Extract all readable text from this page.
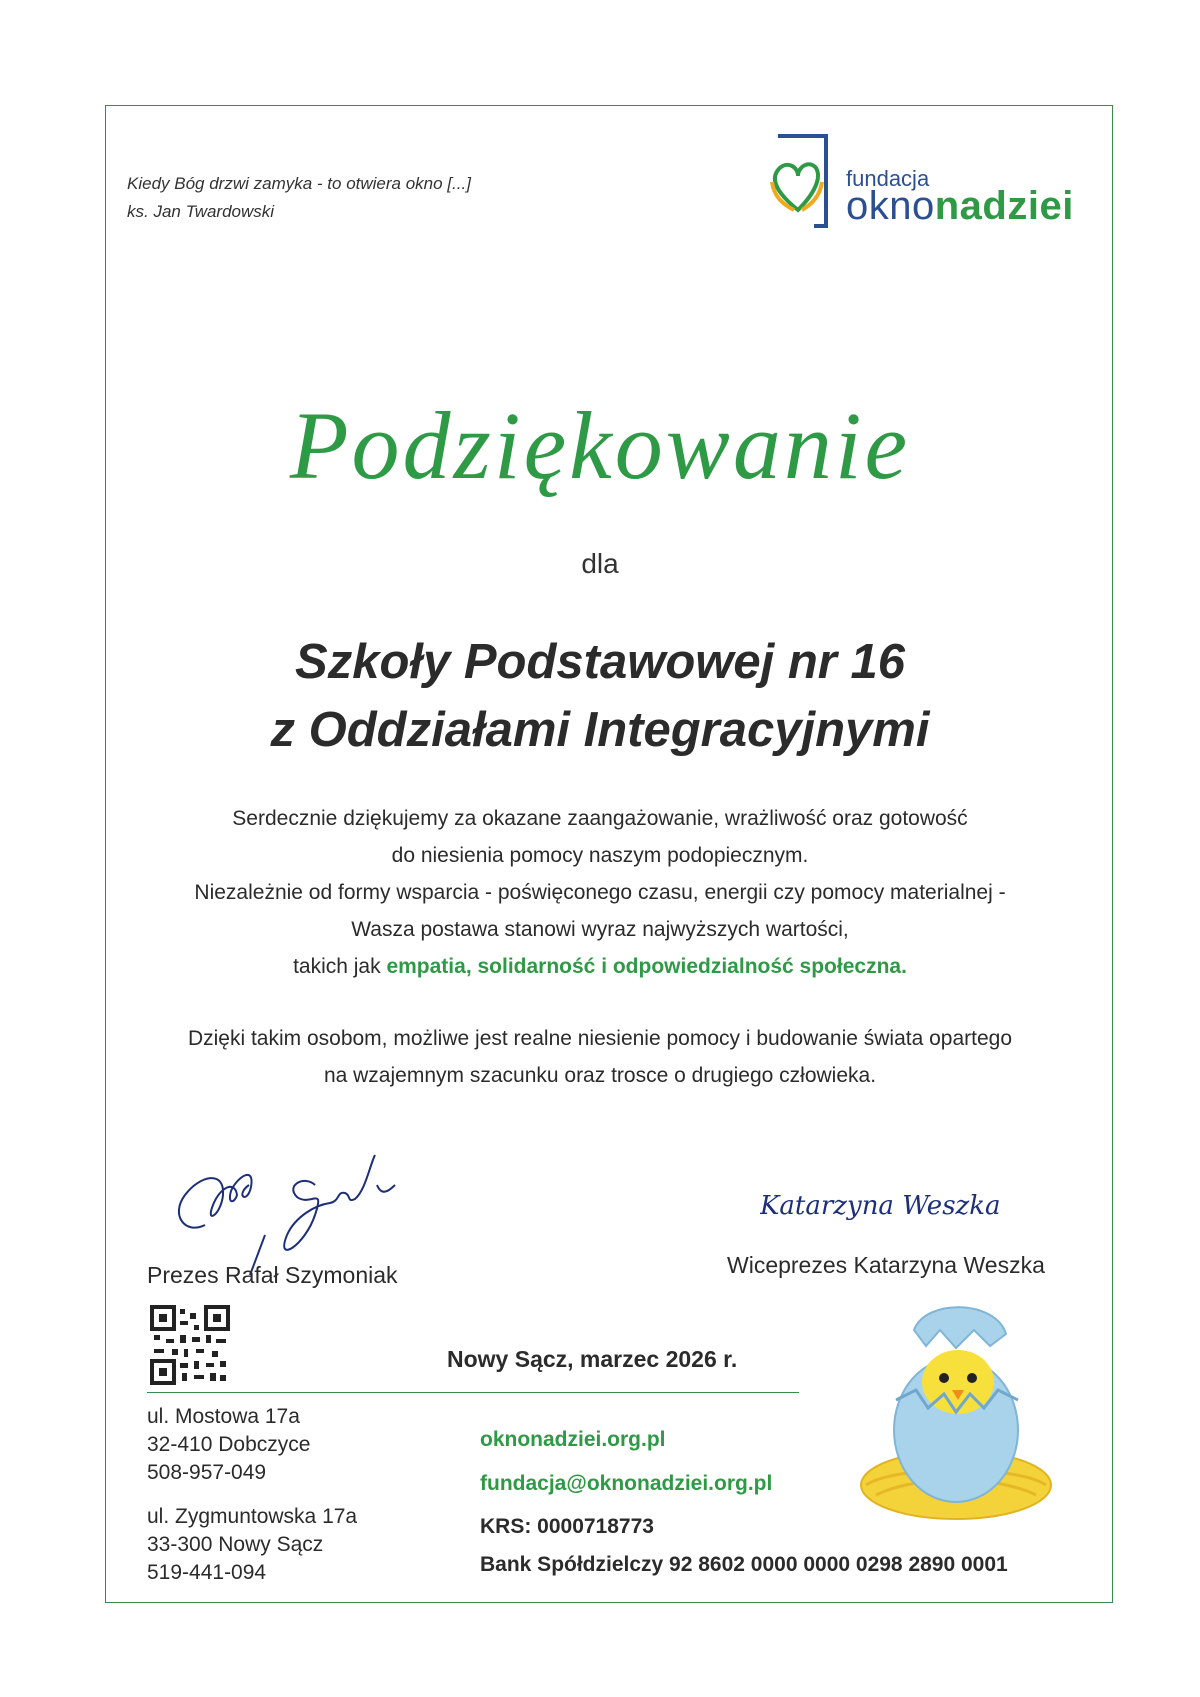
Kiedy Bóg drzwi zamyka - to otwiera okno [...]
ks. Jan Twardowski
fundacja
oknonadziei
Podziękowanie
dla
Szkoły Podstawowej nr 16
z Oddziałami Integracyjnymi
Serdecznie dziękujemy za okazane zaangażowanie, wrażliwość oraz gotowość
do niesienia pomocy naszym podopiecznym.
Niezależnie od formy wsparcia - poświęconego czasu, energii czy pomocy materialnej -
Wasza postawa stanowi wyraz najwyższych wartości,
takich jak empatia, solidarność i odpowiedzialność społeczna.
Dzięki takim osobom, możliwe jest realne niesienie pomocy i budowanie świata opartego
na wzajemnym szacunku oraz trosce o drugiego człowieka.
Katarzyna Weszka
Prezes Rafał Szymoniak	Wiceprezes Katarzyna Weszka
Nowy Sącz, marzec 2026 r.
ul. Mostowa 17a
32-410 Dobczyce
508-957-049
ul. Zygmuntowska 17a
33-300 Nowy Sącz
519-441-094
oknonadziei.org.pl
fundacja@oknonadziei.org.pl
KRS: 0000718773
Bank Spółdzielczy 92 8602 0000 0000 0298 2890 0001
